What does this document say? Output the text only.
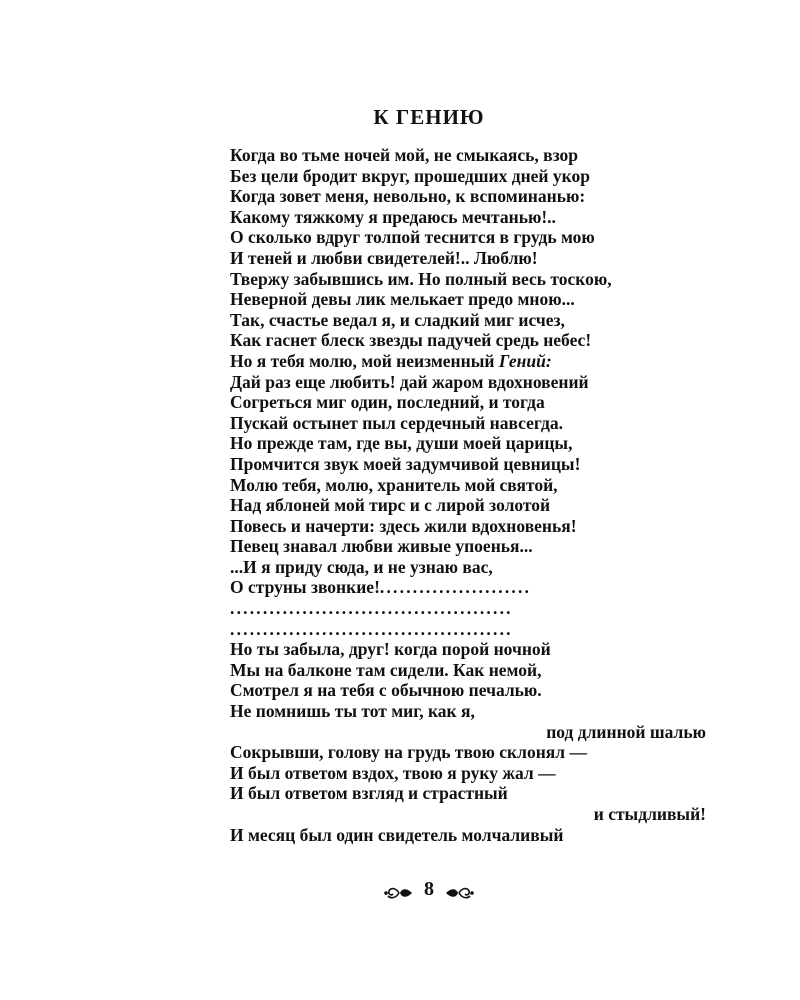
К ГЕНИЮ
Когда во тьме ночей мой, не смыкаясь, взор
Без цели бродит вкруг, прошедших дней укор
Когда зовет меня, невольно, к вспоминанью:
Какому тяжкому я предаюсь мечтанью!..
О сколько вдруг толпой теснится в грудь мою
И теней и любви свидетелей!.. Люблю!
Твержу забывшись им. Но полный весь тоскою,
Неверной девы лик мелькает предо мною...
Так, счастье ведал я, и сладкий миг исчез,
Как гаснет блеск звезды падучей средь небес!
Но я тебя молю, мой неизменный Гений:
Дай раз еще любить! дай жаром вдохновений
Согреться миг один, последний, и тогда
Пускай остынет пыл сердечный навсегда.
Но прежде там, где вы, души моей царицы,
Промчится звук моей задумчивой цевницы!
Молю тебя, молю, хранитель мой святой,
Над яблоней мой тирс и с лирой золотой
Повесь и начерти: здесь жили вдохновенья!
Певец знавал любви живые упоенья...
...И я приду сюда, и не узнаю вас,
О струны звонкие!.......................
...........................................
...........................................
Но ты забыла, друг! когда порой ночной
Мы на балконе там сидели. Как немой,
Смотрел я на тебя с обычною печалью.
Не помнишь ты тот миг, как я,
под длинной шалью
Сокрывши, голову на грудь твою склонял —
И был ответом вздох, твою я руку жал —
И был ответом взгляд и страстный
и стыдливый!
И месяц был один свидетель молчаливый
8
